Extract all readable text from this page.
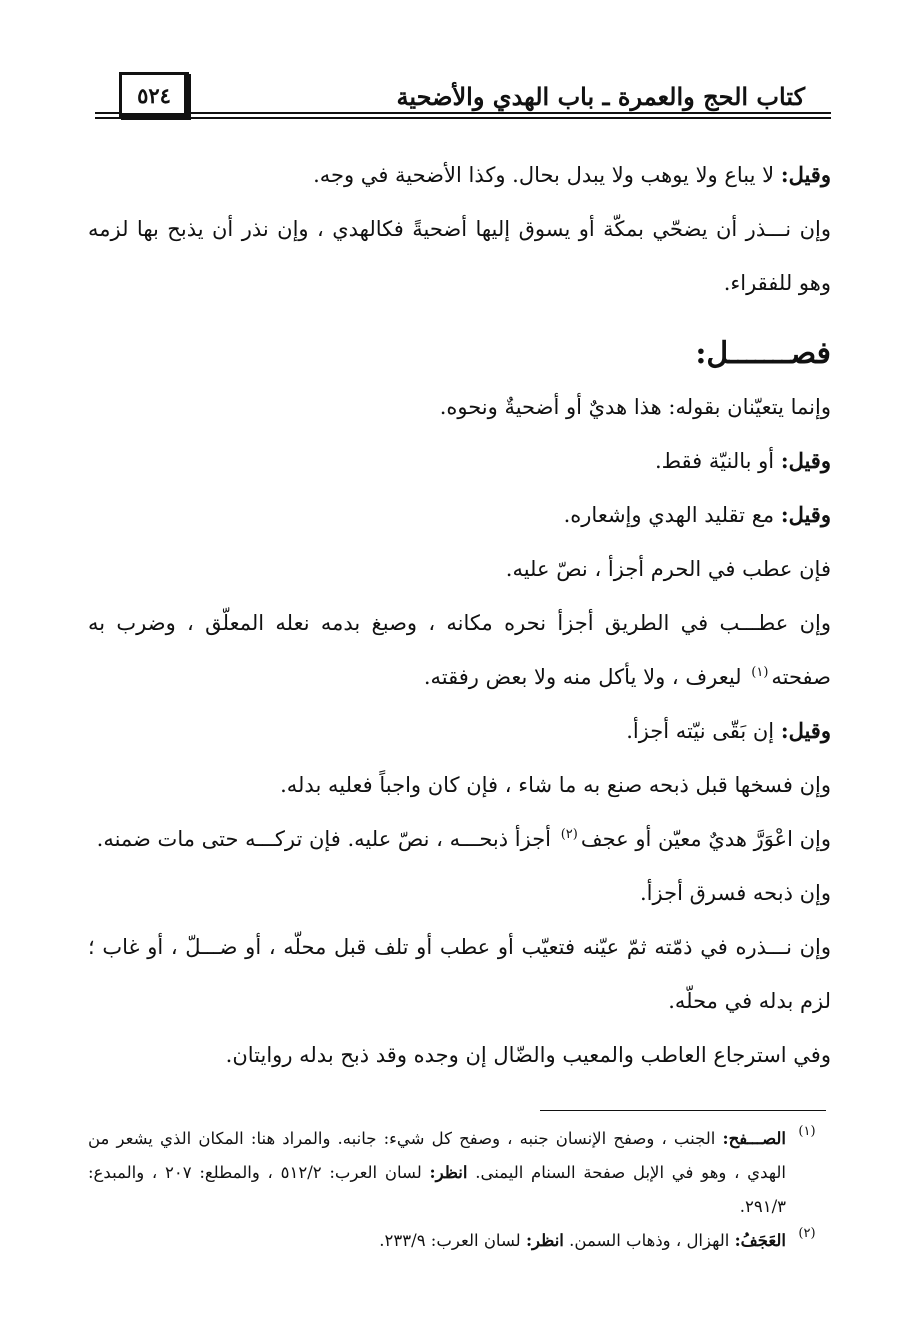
٥٢٤	كتاب الحج والعمرة ـ باب الهدي والأضحية

وقيل: لا يباع ولا يوهب ولا يبدل بحال. وكذا الأضحية في وجه.

وإن نـــذر أن يضحّي بمكّة أو يسوق إليها أضحيةً فكالهدي ، وإن نذر أن يذبح بها لزمه وهو للفقراء.

فصـــــــل:

وإنما يتعيّنان بقوله: هذا هديٌ أو أضحيةٌ ونحوه.

وقيل: أو بالنيّة فقط.

وقيل: مع تقليد الهدي وإشعاره.

فإن عطب في الحرم أجزأ ، نصّ عليه.

وإن عطـــب في الطريق أجزأ نحره مكانه ، وصبغ بدمه نعله المعلّق ، وضرب به صفحته$^{(١)}$ ليعرف ، ولا يأكل منه ولا بعض رفقته.

وقيل: إن بَقّى نيّته أجزأ.

وإن فسخها قبل ذبحه صنع به ما شاء ، فإن كان واجباً فعليه بدله.

وإن اعْوَرَّ هديٌ معيّن أو عجف$^{(٢)}$ أجزأ ذبحـــه ، نصّ عليه. فإن تركـــه حتى مات ضمنه.

وإن ذبحه فسرق أجزأ.

وإن نـــذره في ذمّته ثمّ عيّنه فتعيّب أو عطب أو تلف قبل محلّه ، أو ضـــلّ ، أو غاب ؛ لزم بدله في محلّه.

وفي استرجاع العاطب والمعيب والضّال إن وجده وقد ذبح بدله روايتان.

(١)
الصـــفح: الجنب ، وصفح الإنسان جنبه ، وصفح كل شيء: جانبه. والمراد هنا: المكان الذي يشعر من الهدي ، وهو في الإبل صفحة السنام اليمنى. انظر: لسان العرب: ٥١٢/٢ ، والمطلع: ٢٠٧ ، والمبدع: ٢٩١/٣.
(٢)
العَجَفُ: الهزال ، وذهاب السمن. انظر: لسان العرب: ٢٣٣/٩.
